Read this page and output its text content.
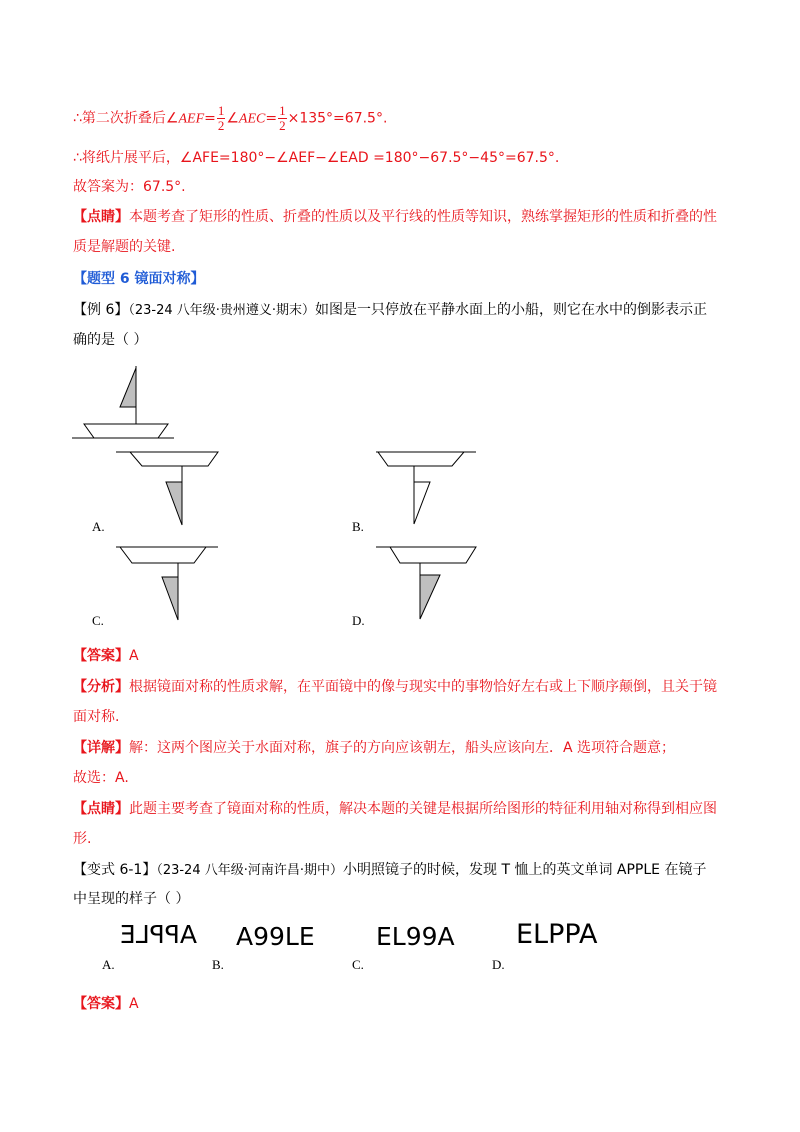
∴第二次折叠后∠AEF= $\frac{1}{2}$ ∠AEC= $\frac{1}{2} \times 135^\circ=67.5^\circ$.
∴将纸片展平后，∠AFE=180°−∠AEF−∠EAD =180°−67.5°−45°=67.5°.
故答案为：67.5°.
【点睛】本题考查了矩形的性质、折叠的性质以及平行线的性质等知识，熟练掌握矩形的性质和折叠的性
质是解题的关键.
【题型 6 镜面对称】
【例 6】（23-24 八年级·贵州遵义·期末）如图是一只停放在平静水面上的小船，则它在水中的倒影表示正
确的是（ ）
A.	B.
C.	D.
【答案】A
【分析】根据镜面对称的性质求解，在平面镜中的像与现实中的事物恰好左右或上下顺序颠倒，且关于镜
面对称.
【详解】解：这两个图应关于水面对称，旗子的方向应该朝左，船头应该向左．A 选项符合题意；
故选：A.
【点睛】此题主要考查了镜面对称的性质，解决本题的关键是根据所给图形的特征利用轴对称得到相应图
形.
【变式 6-1】（23-24 八年级·河南许昌·期中）小明照镜子的时候，发现 T 恤上的英文单词 APPLE 在镜子
中呈现的样子（ ）
APPLE A99LE EL99A ELPPA
A.	B.	C.	D.
【答案】A
